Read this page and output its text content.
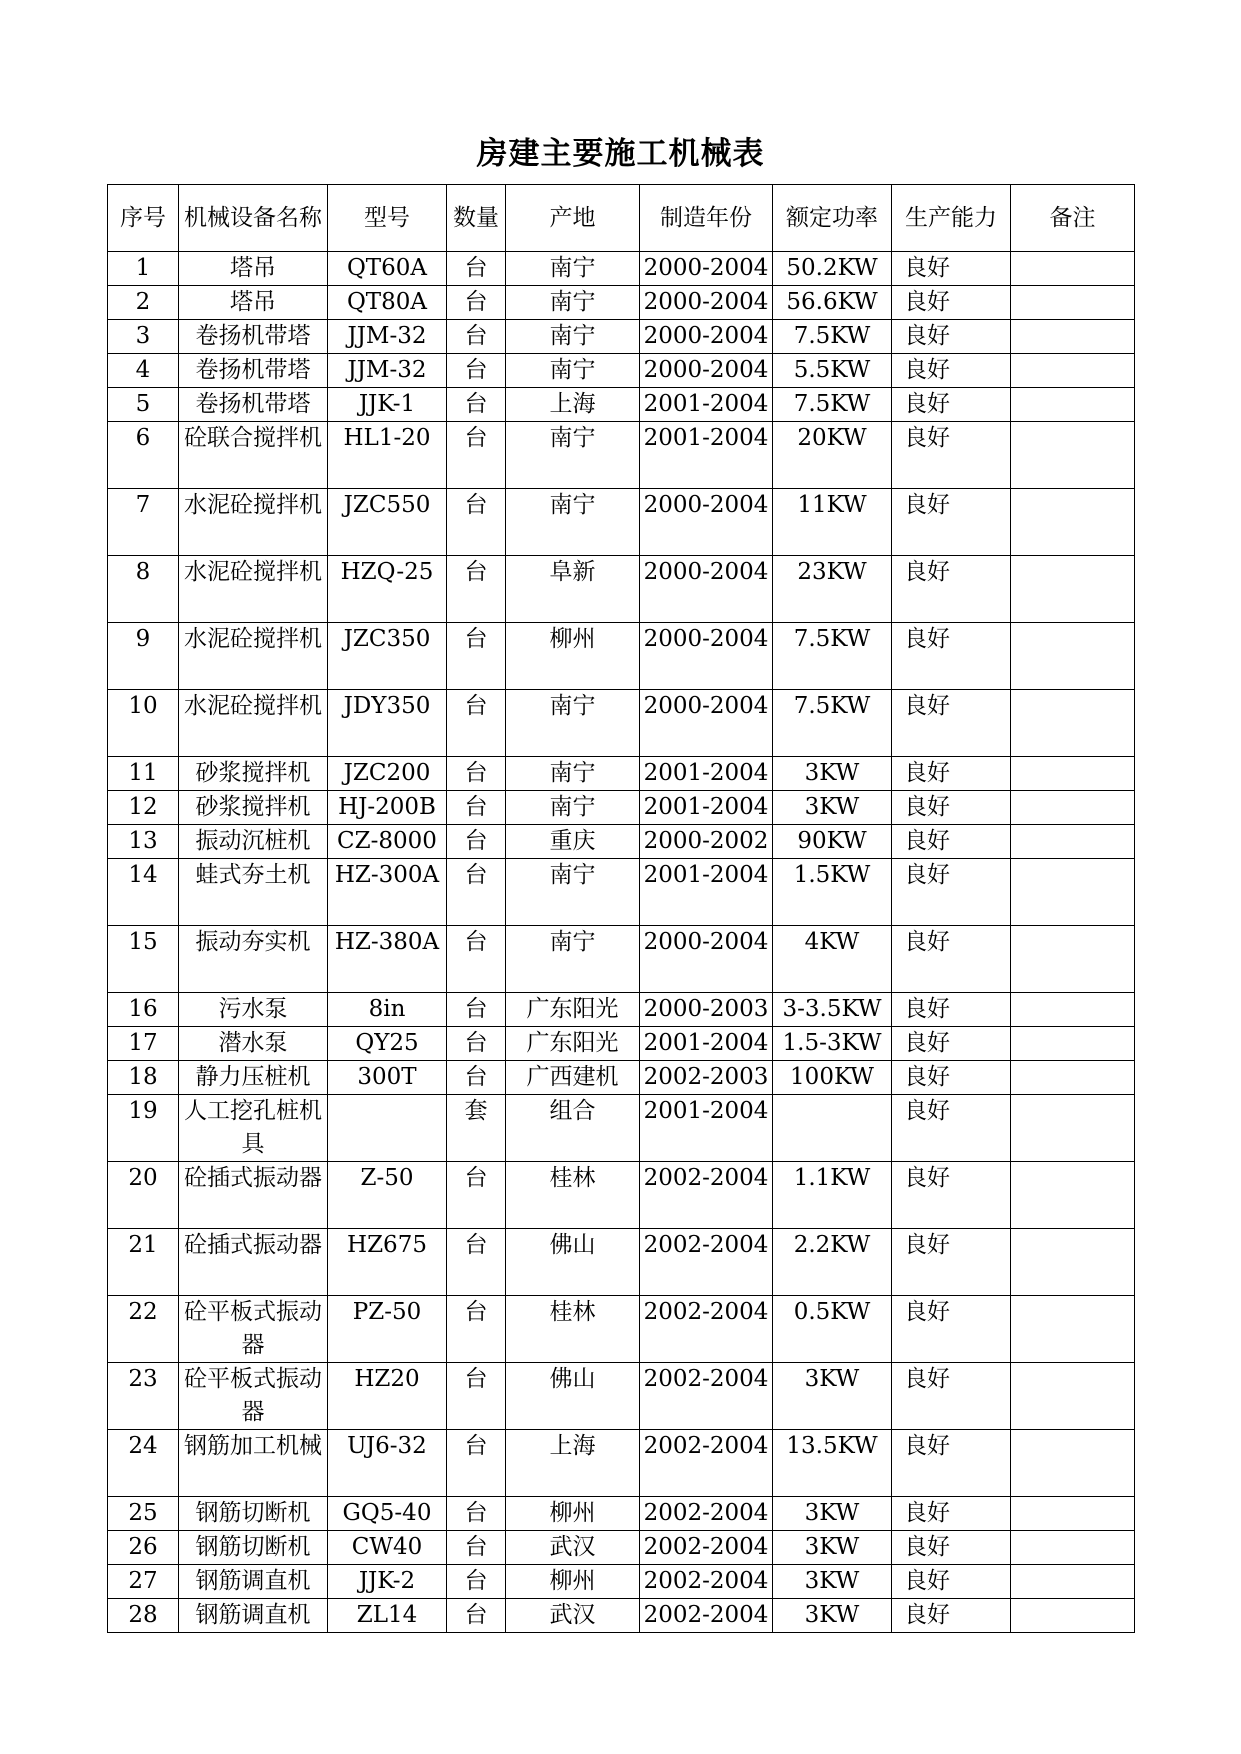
房建主要施工机械表
序号	机械设备名称	型号	数量	产地	制造年份	额定功率	生产能力	备注
1	塔吊	QT60A	台	南宁	2000-2004	50.2KW	良好	
2	塔吊	QT80A	台	南宁	2000-2004	56.6KW	良好	
3	卷扬机带塔	JJM-32	台	南宁	2000-2004	7.5KW	良好	
4	卷扬机带塔	JJM-32	台	南宁	2000-2004	5.5KW	良好	
5	卷扬机带塔	JJK-1	台	上海	2001-2004	7.5KW	良好	
6	砼联合搅拌机	HL1-20	台	南宁	2001-2004	20KW	良好	
7	水泥砼搅拌机	JZC550	台	南宁	2000-2004	11KW	良好	
8	水泥砼搅拌机	HZQ-25	台	阜新	2000-2004	23KW	良好	
9	水泥砼搅拌机	JZC350	台	柳州	2000-2004	7.5KW	良好	
10	水泥砼搅拌机	JDY350	台	南宁	2000-2004	7.5KW	良好	
11	砂浆搅拌机	JZC200	台	南宁	2001-2004	3KW	良好	
12	砂浆搅拌机	HJ-200B	台	南宁	2001-2004	3KW	良好	
13	振动沉桩机	CZ-8000	台	重庆	2000-2002	90KW	良好	
14	蛙式夯土机	HZ-300A	台	南宁	2001-2004	1.5KW	良好	
15	振动夯实机	HZ-380A	台	南宁	2000-2004	4KW	良好	
16	污水泵	8in	台	广东阳光	2000-2003	3-3.5KW	良好	
17	潜水泵	QY25	台	广东阳光	2001-2004	1.5-3KW	良好	
18	静力压桩机	300T	台	广西建机	2002-2003	100KW	良好	
19	人工挖孔桩机具		套	组合	2001-2004		良好	
20	砼插式振动器	Z-50	台	桂林	2002-2004	1.1KW	良好	
21	砼插式振动器	HZ675	台	佛山	2002-2004	2.2KW	良好	
22	砼平板式振动器	PZ-50	台	桂林	2002-2004	0.5KW	良好	
23	砼平板式振动器	HZ20	台	佛山	2002-2004	3KW	良好	
24	钢筋加工机械	UJ6-32	台	上海	2002-2004	13.5KW	良好	
25	钢筋切断机	GQ5-40	台	柳州	2002-2004	3KW	良好	
26	钢筋切断机	CW40	台	武汉	2002-2004	3KW	良好	
27	钢筋调直机	JJK-2	台	柳州	2002-2004	3KW	良好	
28	钢筋调直机	ZL14	台	武汉	2002-2004	3KW	良好	
